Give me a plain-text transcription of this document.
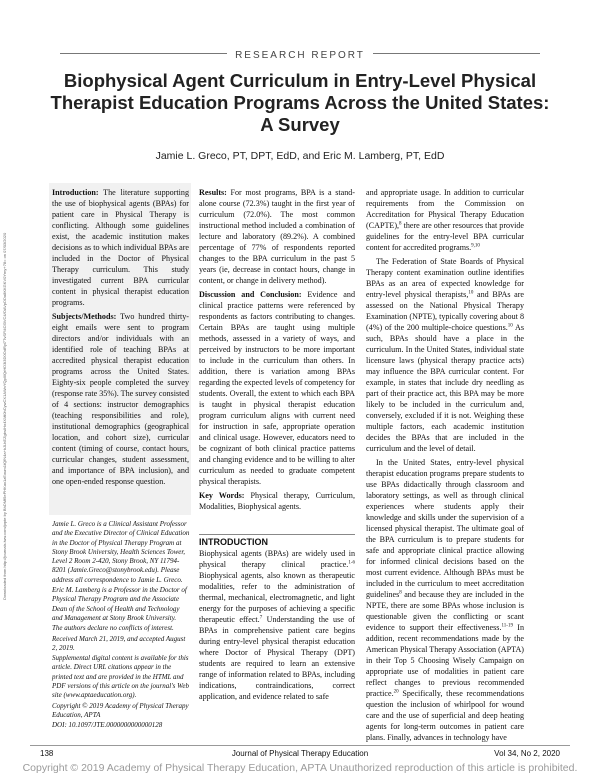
Downloaded from http://journals.lww.com/jopte by BhDMf5ePHKav1zEoum1tQfN4a+kJLhEZgbsIHo4XMi0hCywCX1AWnYQp/IlQrHD3i3D0OdRyi7TvSFl4Cf3VC4/OAVpDDa8KKGKV0Ymy+78= on 07/03/2020
RESEARCH REPORT
Biophysical Agent Curriculum in Entry-Level Physical Therapist Education Programs Across the United States: A Survey
Jamie L. Greco, PT, DPT, EdD, and Eric M. Lamberg, PT, EdD

Introduction: The literature supporting the use of biophysical agents (BPAs) for patient care in Physical Therapy is conflicting. Although some guidelines exist, the academic institution makes decisions as to which individual BPAs are included in the Doctor of Physical Therapy curriculum. This study investigated current BPA curricular content in physical therapist education programs.

Subjects/Methods: Two hundred thirty-eight emails were sent to program directors and/or individuals with an identified role of teaching BPAs at accredited physical therapist education programs across the United States. Eighty-six people completed the survey (response rate 35%). The survey consisted of 4 sections: instructor demographics (teaching responsibilities and role), institutional demographics (geographical location, and cohort size), curricular content (timing of course, contact hours, curricular changes, student assessment, and importance of BPA inclusion), and one open-ended response question.

Jamie L. Greco is a Clinical Assistant Professor and the Executive Director of Clinical Education in the Doctor of Physical Therapy Program at Stony Brook University, Health Sciences Tower, Level 2 Room 2-420, Stony Brook, NY 11794-8201 (Jamie.Greco@stonybrook.edu). Please address all correspondence to Jamie L. Greco.

Eric M. Lamberg is a Professor in the Doctor of Physical Therapy Program and the Associate Dean of the School of Health and Technology and Management at Stony Brook University.

The authors declare no conflicts of interest.

Received March 21, 2019, and accepted August 2, 2019.

Supplemental digital content is available for this article. Direct URL citations appear in the printed text and are provided in the HTML and PDF versions of this article on the journal's Web site (www.aptaeducation.org).

Copyright © 2019 Academy of Physical Therapy Education, APTA

DOI: 10.1097/JTE.0000000000000128

Results: For most programs, BPA is a stand-alone course (72.3%) taught in the first year of curriculum (72.0%). The most common instructional method included a combination of lecture and laboratory (89.2%). A combined percentage of 77% of respondents reported changes to the BPA curriculum in the past 5 years (ie, decrease in contact hours, change in content, or change in delivery method).

Discussion and Conclusion: Evidence and clinical practice patterns were referenced by respondents as factors contributing to changes. Certain BPAs are taught using multiple methods, assessed in a variety of ways, and perceived by instructors to be more important to include in the curriculum than others. In addition, there is variation among BPAs regarding the expected levels of competency for students. Overall, the extent to which each BPA is taught in physical therapist education program curriculum aligns with current need for instruction in safe, appropriate operation and clinical usage. However, educators need to be cognizant of both clinical practice patterns and changing evidence and to be willing to alter curriculum as needed to graduate competent physical therapists.

Key Words: Physical therapy, Curriculum, Modalities, Biophysical agents.

INTRODUCTION

Biophysical agents (BPAs) are widely used in physical therapy clinical practice.$^{1-6}$ Biophysical agents, also known as therapeutic modalities, refer to the administration of thermal, mechanical, electromagnetic, and light energy for the purposes of achieving a specific therapeutic effect.$^7$ Understanding the use of BPAs in comprehensive patient care begins during entry-level physical therapist education where Doctor of Physical Therapy (DPT) students are required to learn an extensive range of information related to BPAs, including indications, contraindications, correct application, and evidence related to safe

and appropriate usage. In addition to curricular requirements from the Commission on Accreditation for Physical Therapy Education (CAPTE),$^8$ there are other resources that provide guidelines for the entry-level BPA curricular content for accredited programs.$^{9,10}$

The Federation of State Boards of Physical Therapy content examination outline identifies BPAs as an area of expected knowledge for entry-level physical therapists,$^{10}$ and BPAs are assessed on the National Physical Therapy Examination (NPTE), typically covering about 8 (4%) of the 200 multiple-choice questions.$^{10}$ As such, BPAs should have a place in the curriculum. In the United States, individual state licensure laws (physical therapy practice acts) may influence the BPA curricular content. For example, in states that include dry needling as part of their practice act, this BPA may be more likely to be included in the curriculum and, conversely, excluded if it is not. Weighing these multiple factors, each academic institution decides the BPAs that are included in the curriculum and the level of detail.

In the United States, entry-level physical therapist education programs prepare students to use BPAs didactically through classroom and laboratory settings, as well as through clinical experiences where students apply their knowledge and skills under the supervision of a licensed physical therapist. The ultimate goal of the BPA curriculum is to prepare students for safe and appropriate clinical practice allowing for informed clinical decisions based on the most current evidence. Although BPAs must be included in the curriculum to meet accreditation guidelines$^8$ and because they are included in the NPTE, there are some BPAs whose inclusion is questionable given the conflicting or scant evidence to support their effectiveness.$^{11-19}$ In addition, recent recommendations made by the American Physical Therapy Association (APTA) in their Top 5 Choosing Wisely Campaign on appropriate use of modalities in patient care reflect changes to previous recommended practice.$^{20}$ Specifically, these recommendations question the inclusion of whirlpool for wound care and the use of superficial and deep heating agents for long-term outcomes in patient care plans. Finally, advances in technology have

138	Journal of Physical Therapy Education	Vol 34, No 2, 2020
Copyright © 2019 Academy of Physical Therapy Education, APTA Unauthorized reproduction of this article is prohibited.
